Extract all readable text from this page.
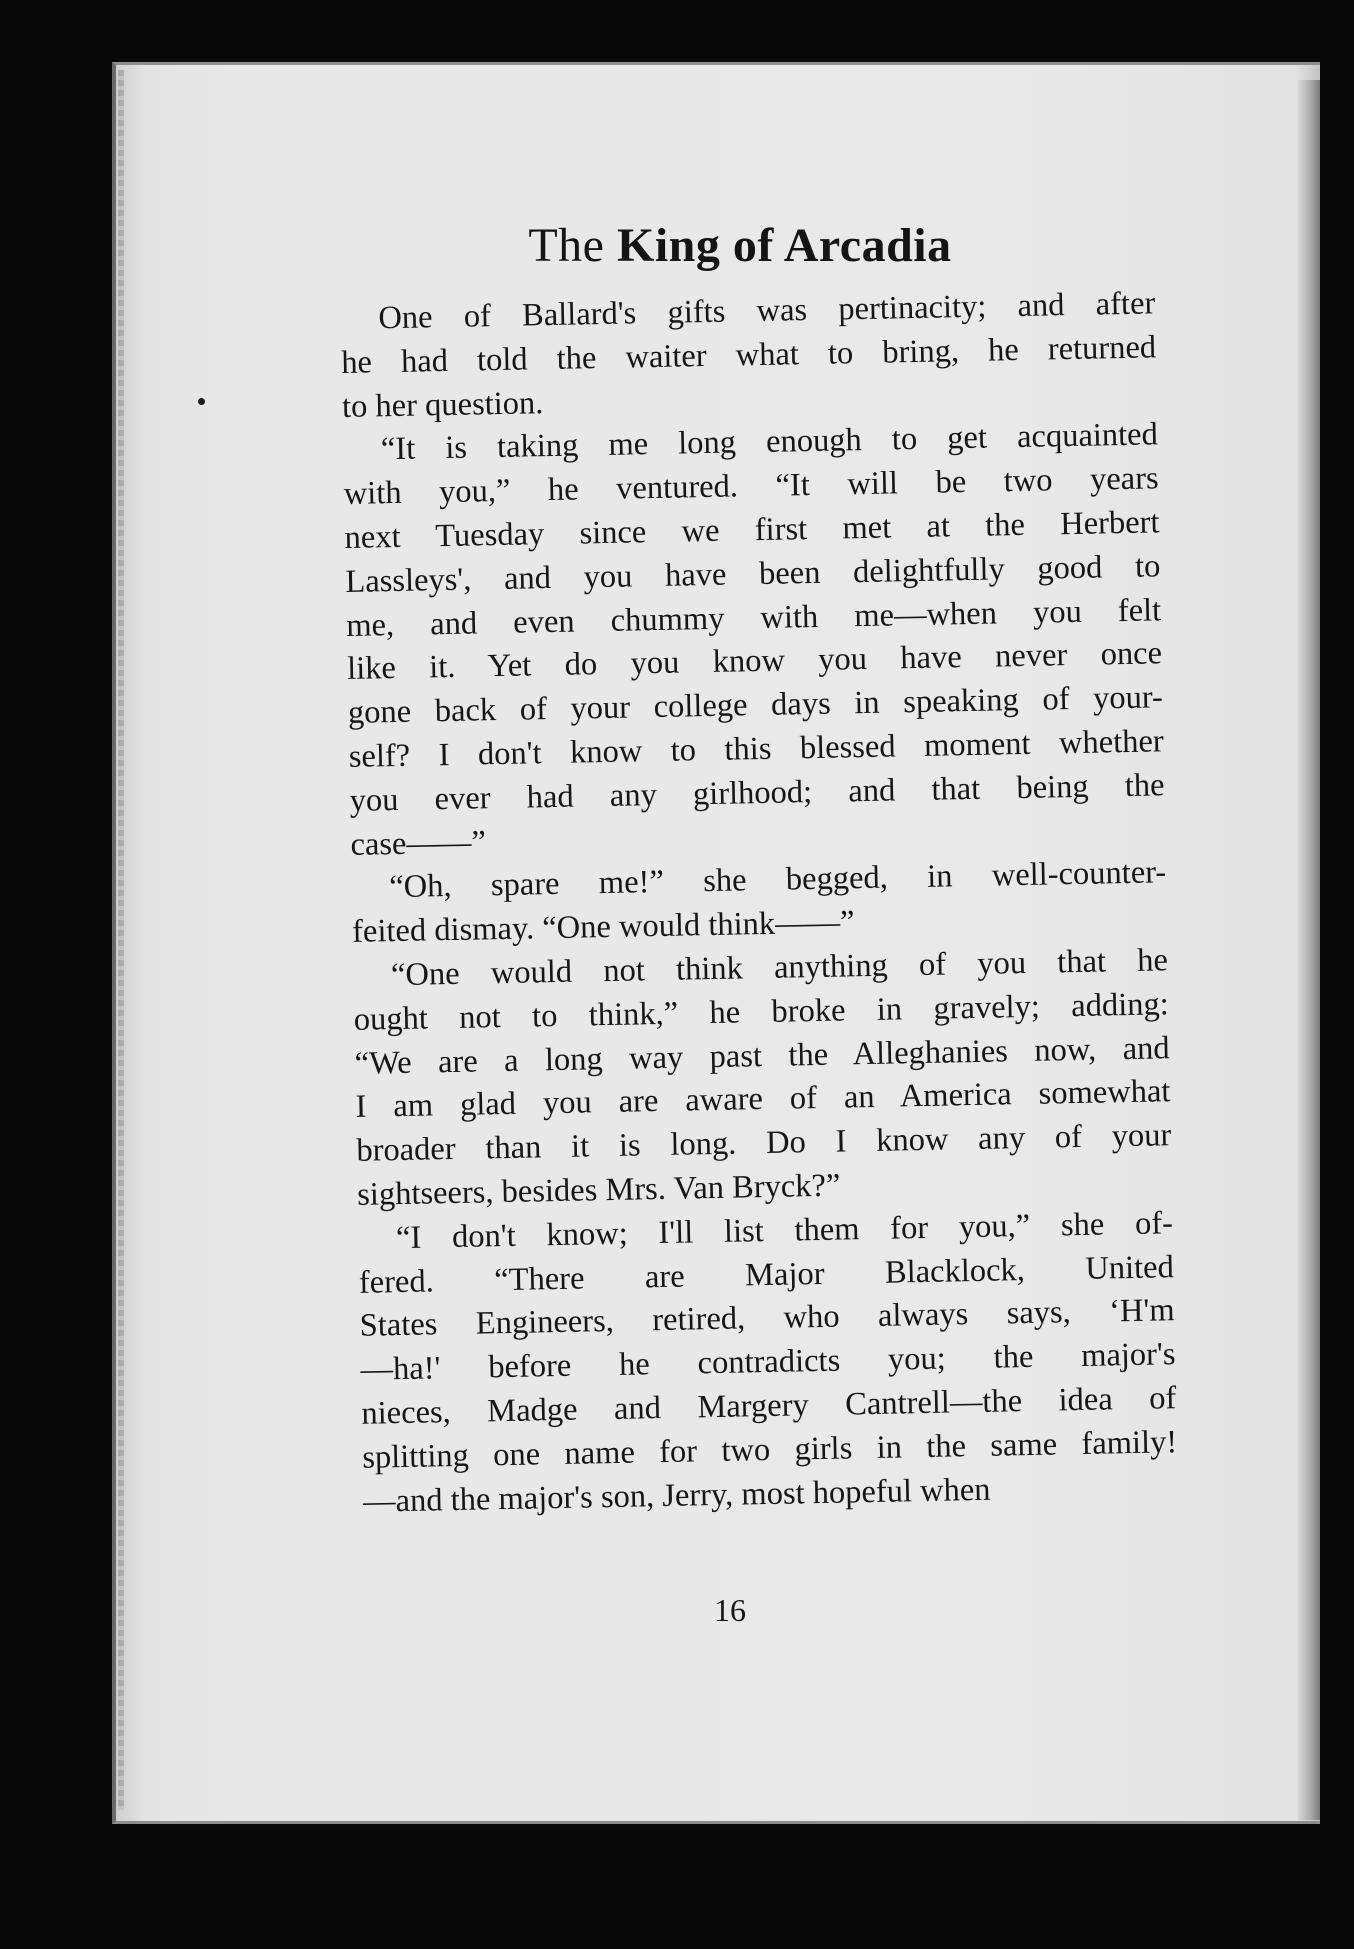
The King of Arcadia

One of Ballard's gifts was pertinacity; and after
he had told the waiter what to bring, he returned
to her question.

“It is taking me long enough to get acquainted
with you,” he ventured. “It will be two years
next Tuesday since we first met at the Herbert
Lassleys', and you have been delightfully good to
me, and even chummy with me—when you felt
like it. Yet do you know you have never once
gone back of your college days in speaking of your-
self? I don't know to this blessed moment whether
you ever had any girlhood; and that being the
case——”

“Oh, spare me!” she begged, in well-counter-
feited dismay. “One would think——”

“One would not think anything of you that he
ought not to think,” he broke in gravely; adding:
“We are a long way past the Alleghanies now, and
I am glad you are aware of an America somewhat
broader than it is long. Do I know any of your
sightseers, besides Mrs. Van Bryck?”

“I don't know; I'll list them for you,” she of-
fered. “There are Major Blacklock, United
States Engineers, retired, who always says, ‘H'm
—ha!' before he contradicts you; the major's
nieces, Madge and Margery Cantrell—the idea of
splitting one name for two girls in the same family!
—and the major's son, Jerry, most hopeful when

16
